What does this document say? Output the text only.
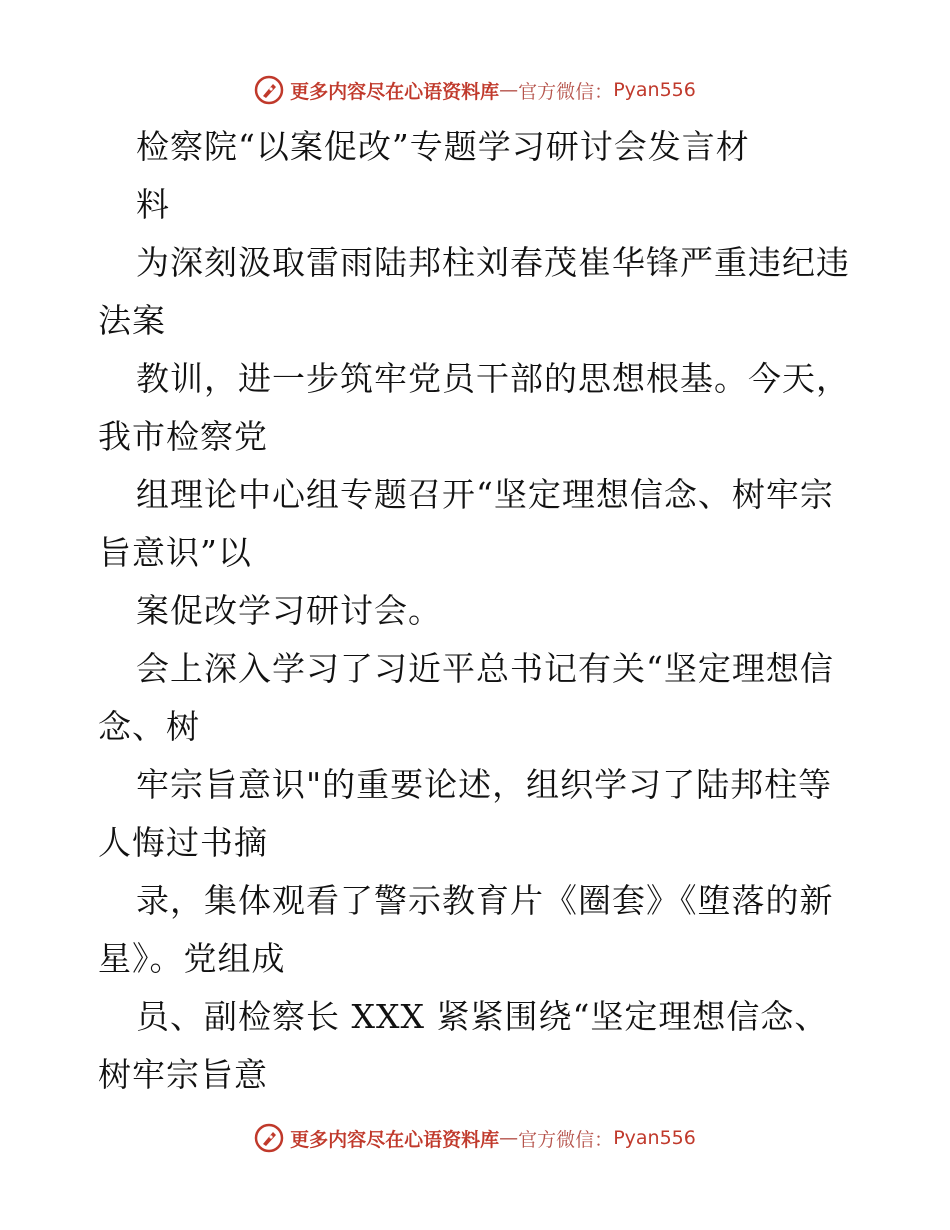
更多内容尽在心语资料库 — 官方微信： Pyan556
检察院“以案促改”专题学习研讨会发言材
料
为深刻汲取雷雨陆邦柱刘春茂崔华锋严重违纪违
法案
教训，进一步筑牢党员干部的思想根基。今天，
我市检察党
组理论中心组专题召开“坚定理想信念、树牢宗
旨意识”以
案促改学习研讨会。
会上深入学习了习近平总书记有关“坚定理想信
念、树
牢宗旨意识"的重要论述，组织学习了陆邦柱等
人悔过书摘
录，集体观看了警示教育片《圈套》《堕落的新
星》。党组成
员、副检察长 XXX 紧紧围绕“坚定理想信念、
树牢宗旨意
更多内容尽在心语资料库 — 官方微信： Pyan556
